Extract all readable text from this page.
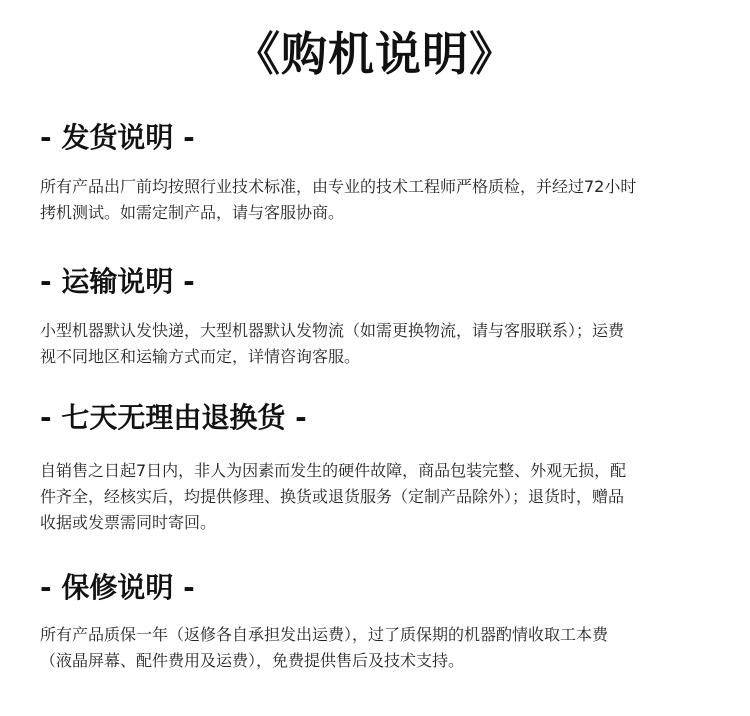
《购机说明》
- 发货说明 -

所有产品出厂前均按照行业技术标准，由专业的技术工程师严格质检，并经过72小时
拷机测试。如需定制产品，请与客服协商。

- 运输说明 -

小型机器默认发快递，大型机器默认发物流（如需更换物流，请与客服联系）；运费
视不同地区和运输方式而定，详情咨询客服。

- 七天无理由退换货 -

自销售之日起7日内，非人为因素而发生的硬件故障，商品包装完整、外观无损，配
件齐全，经核实后，均提供修理、换货或退货服务（定制产品除外）；退货时，赠品
收据或发票需同时寄回。

- 保修说明 -

所有产品质保一年（返修各自承担发出运费），过了质保期的机器酌情收取工本费
（液晶屏幕、配件费用及运费），免费提供售后及技术支持。
